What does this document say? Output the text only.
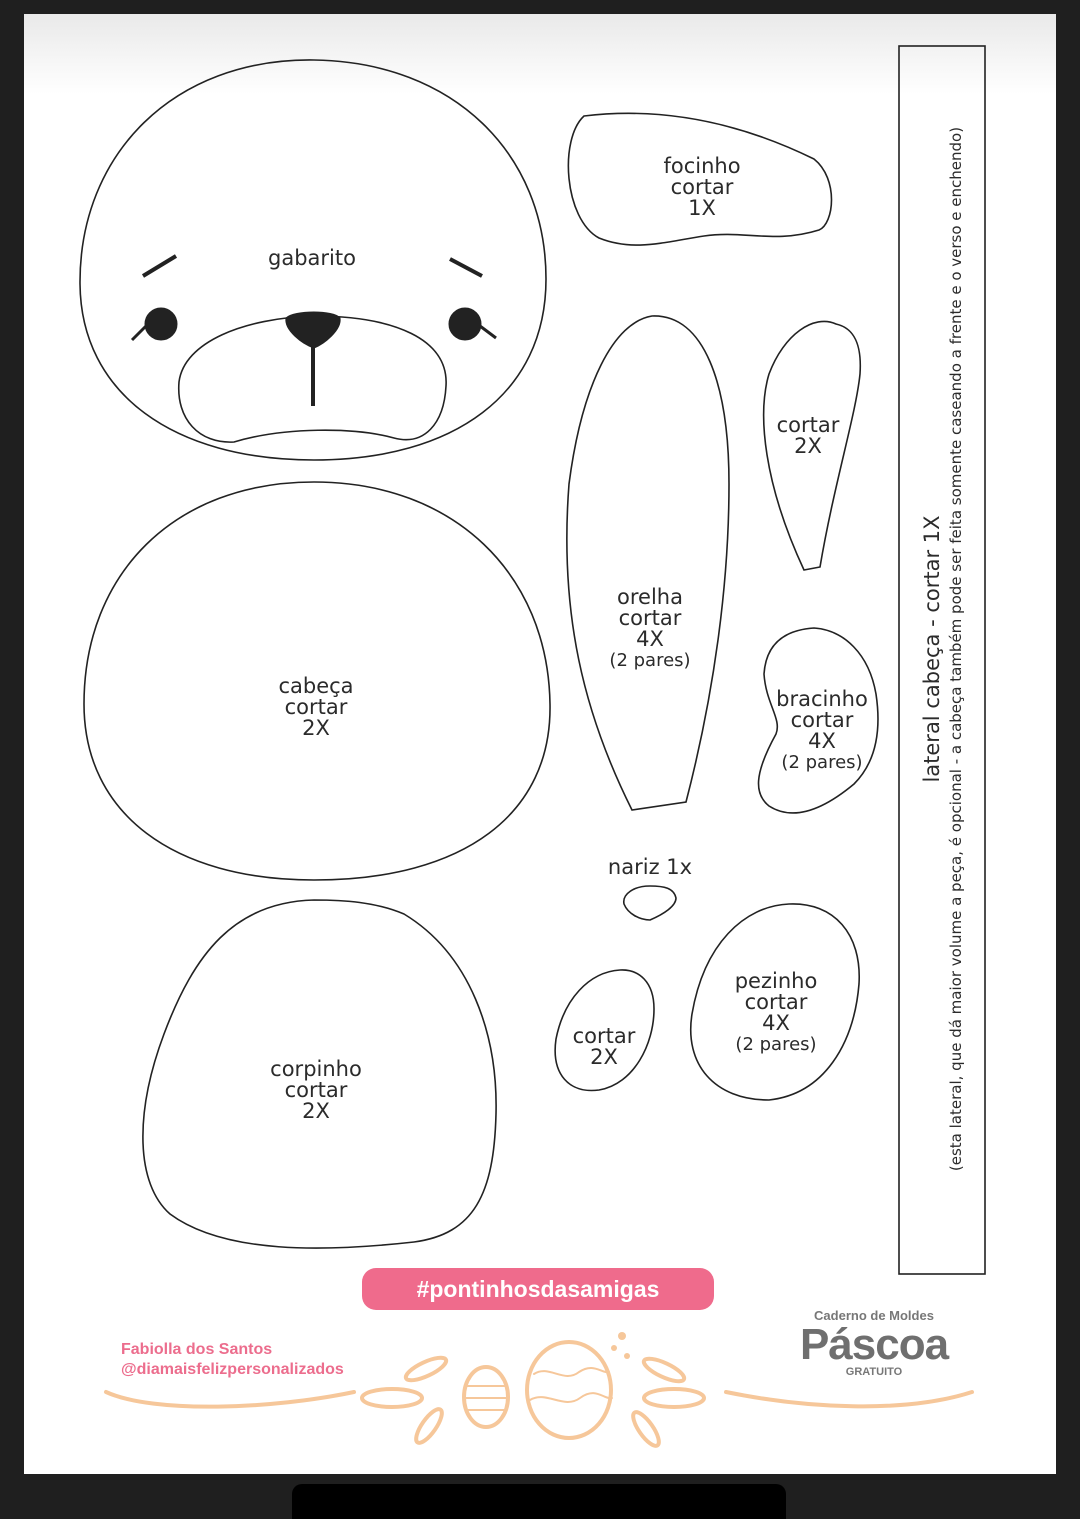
gabarito
focinho
cortar
1X
cortar
2X
orelha
cortar
4X
(2 pares)
cabeça
cortar
2X
bracinho
cortar
4X
(2 pares)
nariz 1x
corpinho
cortar
2X
cortar
2X
pezinho
cortar
4X
(2 pares)
lateral cabeça - cortar 1X (esta lateral, que dá maior volume a peça, é opcional - a cabeça também pode ser feita somente caseando a frente e o verso e enchendo)
#pontinhosdasamigas
Fabiolla dos Santos
@diamaisfelizpersonalizados
Caderno de Moldes
Páscoa
GRATUITO
